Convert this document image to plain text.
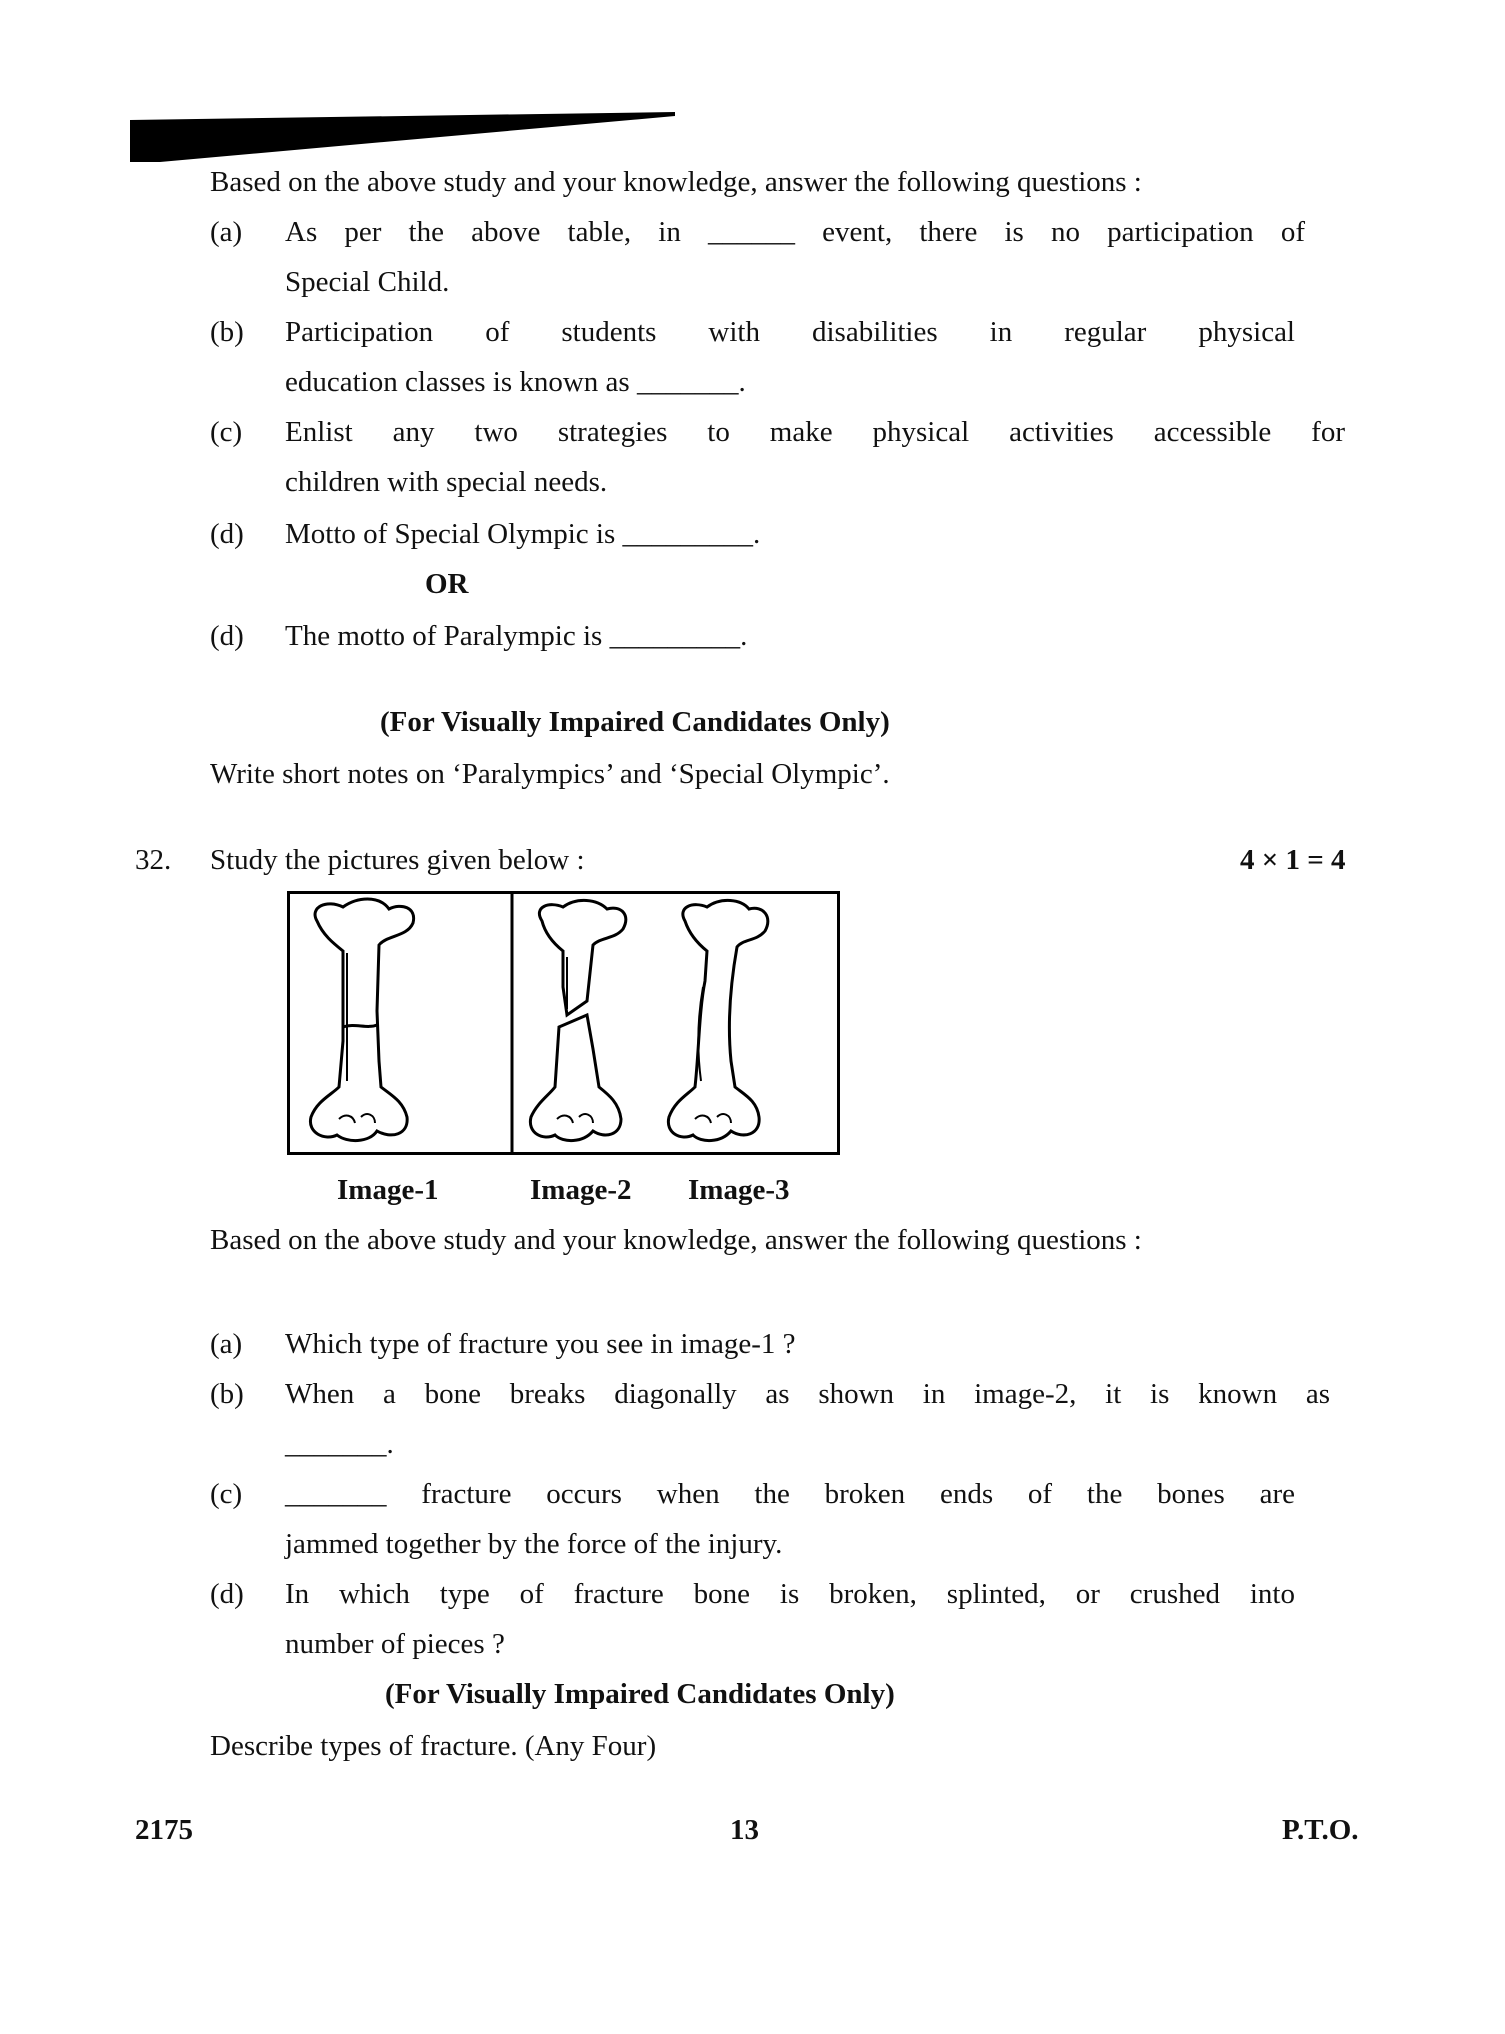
Based on the above study and your knowledge, answer the following questions :
(a) As per the above table, in ______ event, there is no participation of
Special Child.
(b) Participation of students with disabilities in regular physical
education classes is known as _______.
(c) Enlist any two strategies to make physical activities accessible for
children with special needs.
(d) Motto of Special Olympic is _________.
OR
(d) The motto of Paralympic is _________.
(For Visually Impaired Candidates Only)
Write short notes on ‘Paralympics’ and ‘Special Olympic’.
32. Study the pictures given below :	4 × 1 = 4
Image-1	Image-2 Image-3
Based on the above study and your knowledge, answer the following questions :
(a) Which type of fracture you see in image-1 ?
(b) When a bone breaks diagonally as shown in image-2, it is known as
_______.
(c) _______ fracture occurs when the broken ends of the bones are
jammed together by the force of the injury.
(d) In which type of fracture bone is broken, splinted, or crushed into
number of pieces ?
(For Visually Impaired Candidates Only)
Describe types of fracture. (Any Four)
2175	13	P.T.O.
